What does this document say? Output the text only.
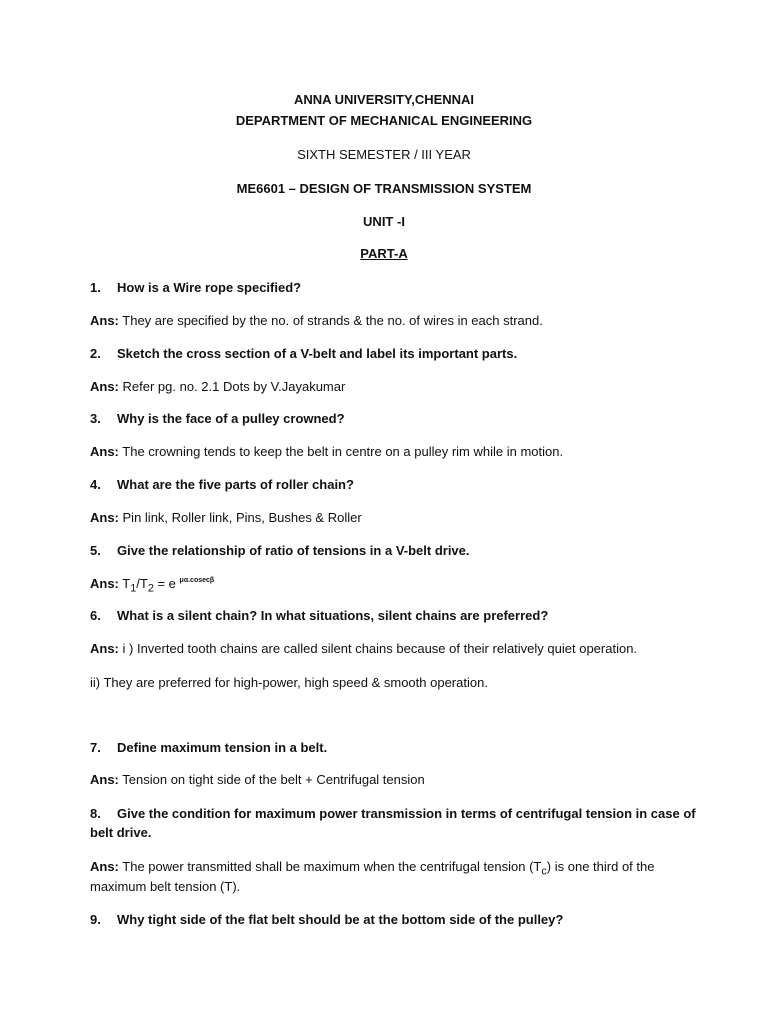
ANNA UNIVERSITY,CHENNAI
DEPARTMENT OF MECHANICAL ENGINEERING
SIXTH SEMESTER / III YEAR
ME6601 – DESIGN OF TRANSMISSION SYSTEM
UNIT -I
PART-A
1. How is a Wire rope specified?
Ans: They are specified by the no. of strands & the no. of wires in each strand.
2. Sketch the cross section of a V-belt and label its important parts.
Ans: Refer pg. no. 2.1 Dots by V.Jayakumar
3. Why is the face of a pulley crowned?
Ans: The crowning tends to keep the belt in centre on a pulley rim while in motion.
4. What are the five parts of roller chain?
Ans: Pin link, Roller link, Pins, Bushes & Roller
5. Give the relationship of ratio of tensions in a V-belt drive.
Ans: $T_1/T_2 = e$ $^{\mu\alpha.cosec\beta}$
6. What is a silent chain? In what situations, silent chains are preferred?
Ans: i ) Inverted tooth chains are called silent chains because of their relatively quiet operation.
ii) They are preferred for high-power, high speed & smooth operation.
7. Define maximum tension in a belt.
Ans: Tension on tight side of the belt + Centrifugal tension
8. Give the condition for maximum power transmission in terms of centrifugal tension in case of
belt drive.
Ans: The power transmitted shall be maximum when the centrifugal tension $(T_c)$ is one third of the
maximum belt tension (T).
9. Why tight side of the flat belt should be at the bottom side of the pulley?
